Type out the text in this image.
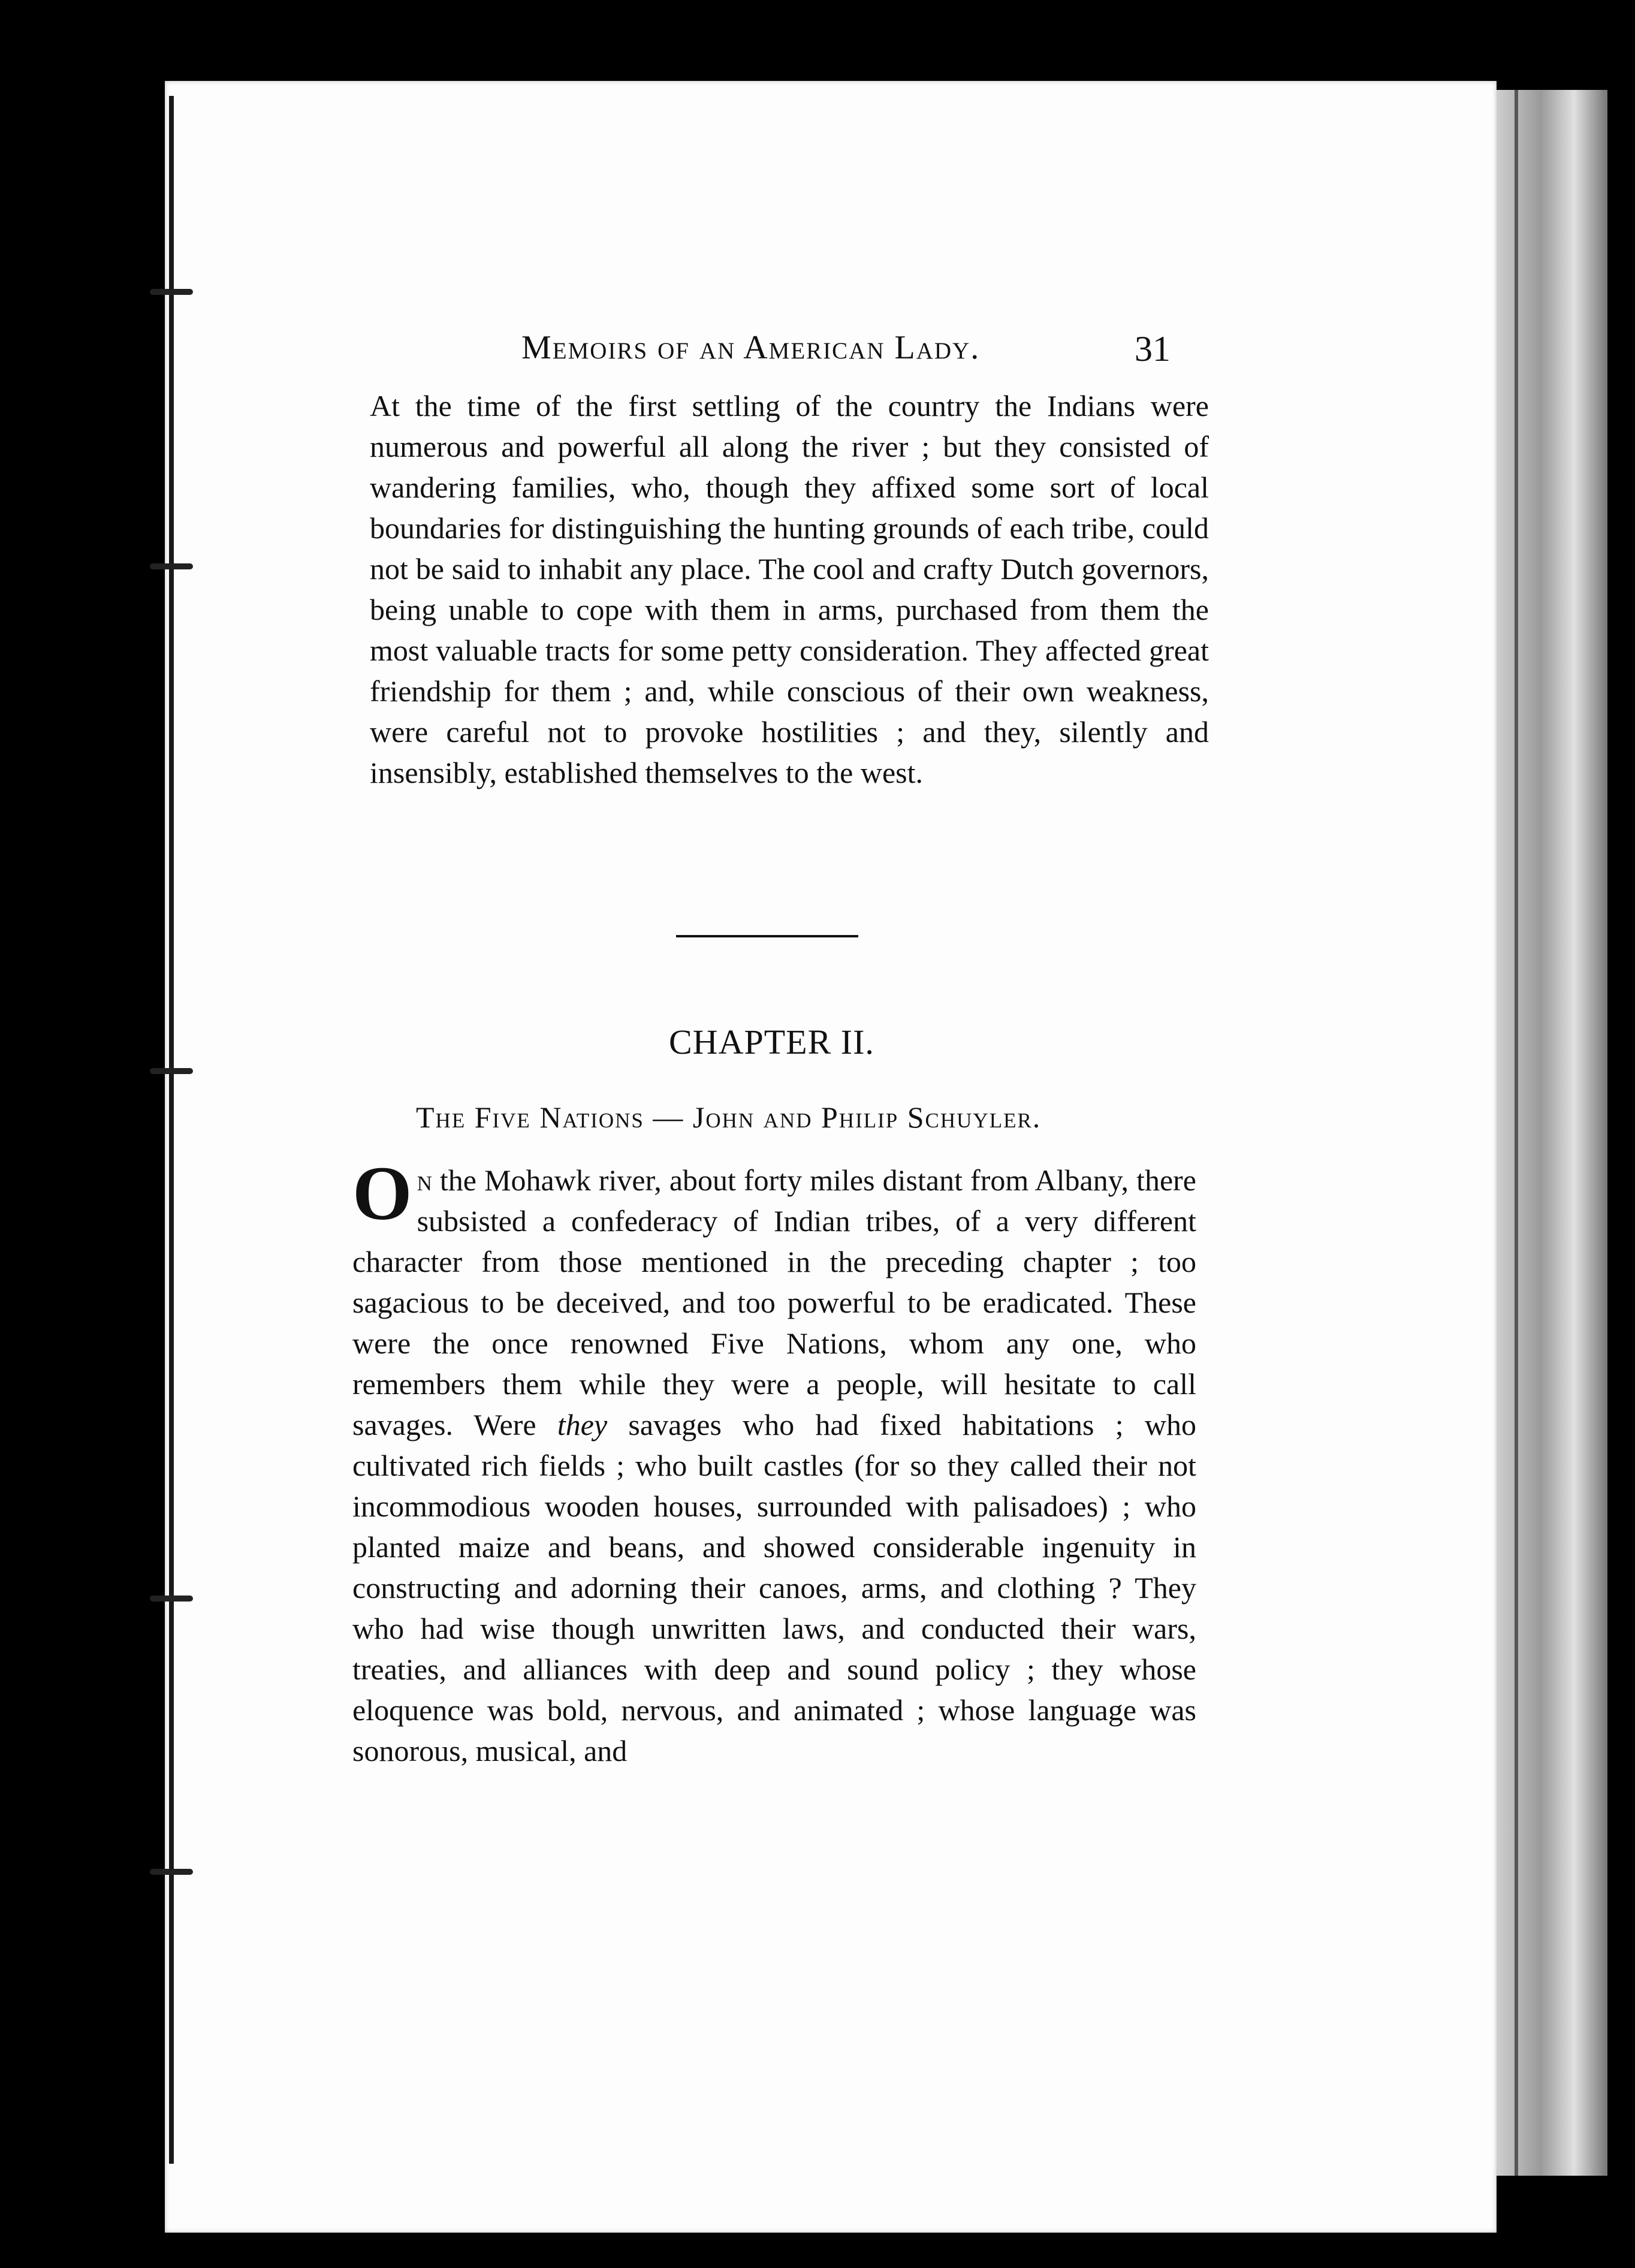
Memoirs of an American Lady.	31

At the time of the first settling of the country the Indians were numerous and powerful all along the river ; but they consisted of wandering families, who, though they affixed some sort of local boundaries for distinguishing the hunting grounds of each tribe, could not be said to inhabit any place. The cool and crafty Dutch governors, being unable to cope with them in arms, purchased from them the most valuable tracts for some petty consideration. They affected great friendship for them ; and, while conscious of their own weakness, were careful not to provoke hostilities ; and they, silently and insensibly, established themselves to the west.

CHAPTER II.
The Five Nations — John and Philip Schuyler.

On the Mohawk river, about forty miles distant from Albany, there subsisted a confederacy of Indian tribes, of a very different character from those mentioned in the preceding chapter ; too sagacious to be deceived, and too powerful to be eradicated. These were the once renowned Five Nations, whom any one, who remembers them while they were a people, will hesitate to call savages. Were they savages who had fixed habitations ; who cultivated rich fields ; who built castles (for so they called their not incommodious wooden houses, surrounded with palisadoes) ; who planted maize and beans, and showed considerable ingenuity in constructing and adorning their canoes, arms, and clothing ? They who had wise though unwritten laws, and conducted their wars, treaties, and alliances with deep and sound policy ; they whose eloquence was bold, nervous, and animated ; whose language was sonorous, musical, and
